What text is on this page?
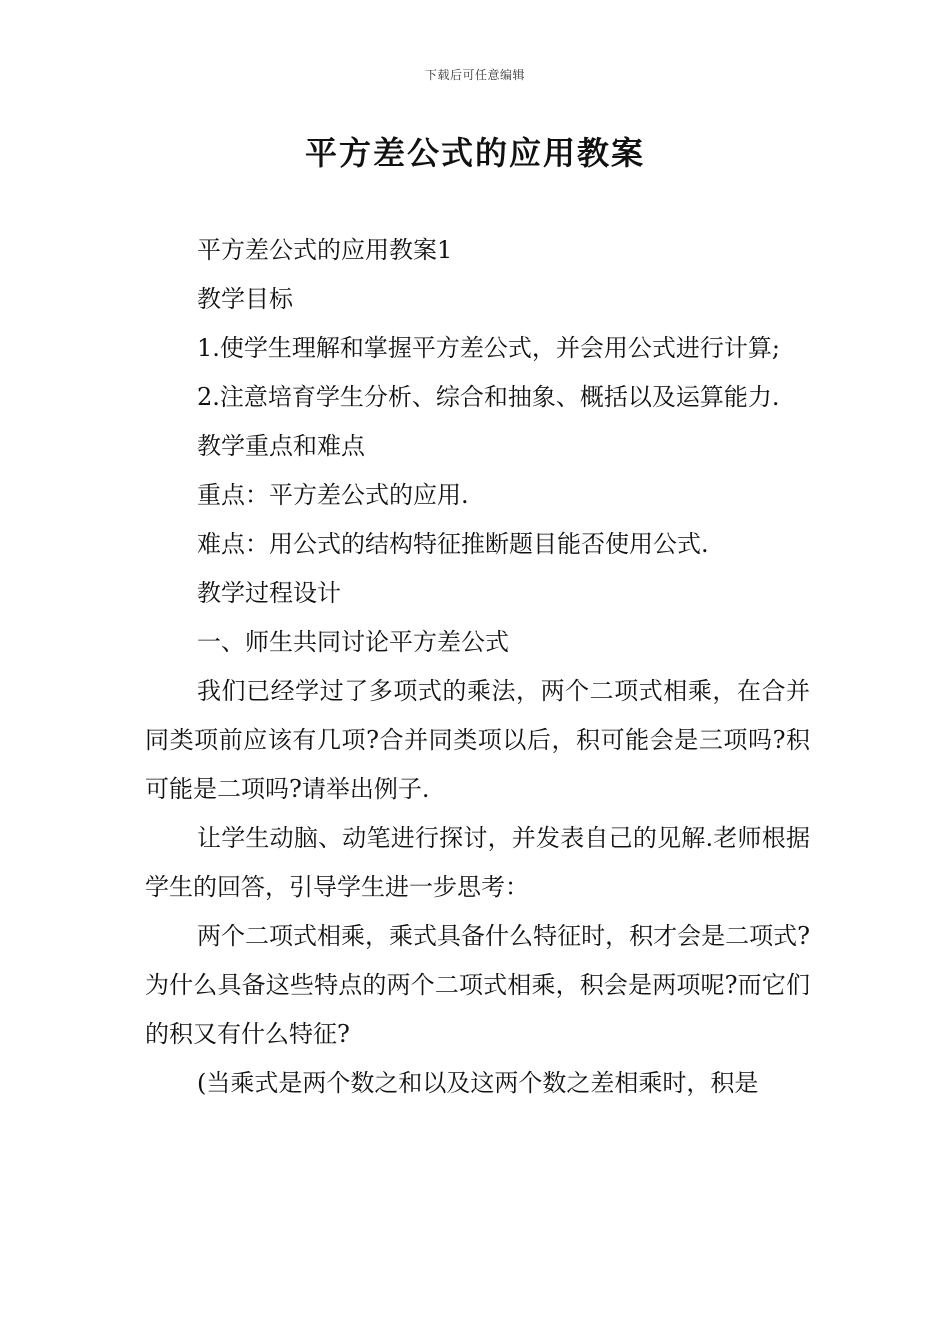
下载后可任意编辑
平方差公式的应用教案

平方差公式的应用教案1

教学目标

1.使学生理解和掌握平方差公式，并会用公式进行计算;

2.注意培育学生分析、综合和抽象、概括以及运算能力.

教学重点和难点

重点：平方差公式的应用.

难点：用公式的结构特征推断题目能否使用公式.

教学过程设计

一、师生共同讨论平方差公式

我们已经学过了多项式的乘法，两个二项式相乘，在合并同类项前应该有几项?合并同类项以后，积可能会是三项吗?积可能是二项吗?请举出例子.

让学生动脑、动笔进行探讨，并发表自己的见解.老师根据学生的回答，引导学生进一步思考：

两个二项式相乘，乘式具备什么特征时，积才会是二项式?为什么具备这些特点的两个二项式相乘，积会是两项呢?而它们的积又有什么特征?

(当乘式是两个数之和以及这两个数之差相乘时，积是
